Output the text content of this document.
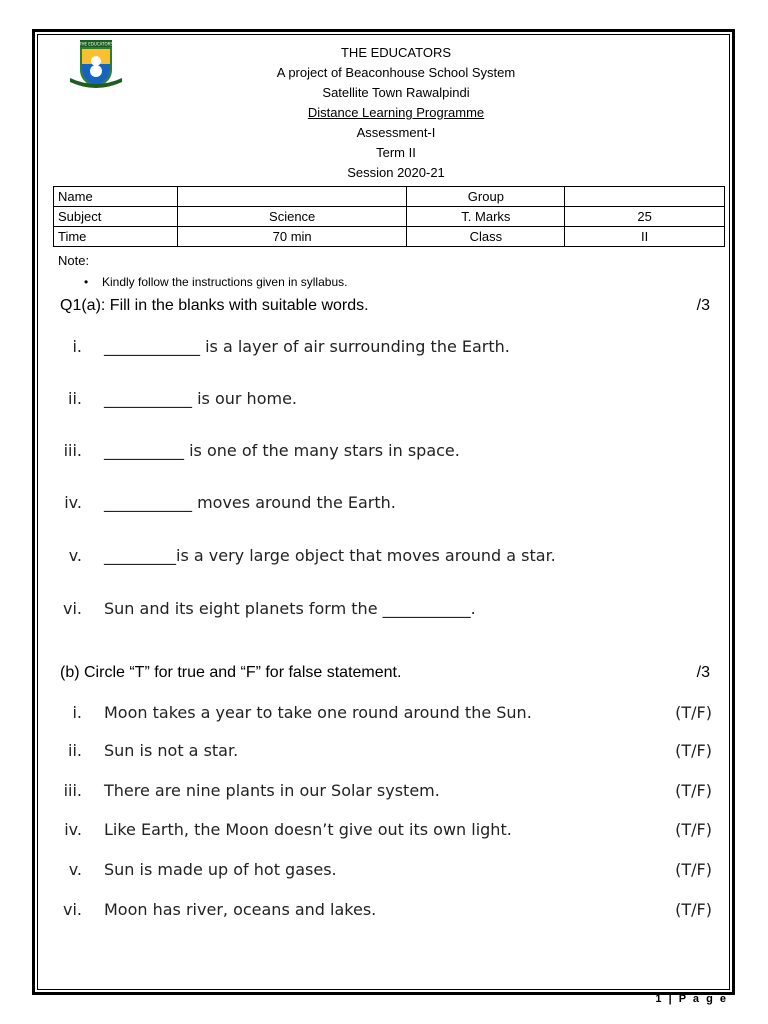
THE EDUCATORS
THE EDUCATORS
A project of Beaconhouse School System
Satellite Town Rawalpindi
Distance Learning Programme
Assessment-I
Term II
Session 2020-21
Name		Group	
Subject	Science	T. Marks	25
Time	70 min	Class	II
Note:
• Kindly follow the instructions given in syllabus.
Q1(a): Fill in the blanks with suitable words.	/3
i. ____________ is a layer of air surrounding the Earth.
ii. ___________ is our home.
iii. __________ is one of the many stars in space.
iv. ___________ moves around the Earth.
v. _________is a very large object that moves around a star.
vi. Sun and its eight planets form the ___________.
(b) Circle “T” for true and “F” for false statement.	/3
i. Moon takes a year to take one round around the Sun.	(T/F)
ii. Sun is not a star.	(T/F)
iii. There are nine plants in our Solar system.	(T/F)
iv. Like Earth, the Moon doesn’t give out its own light.	(T/F)
v. Sun is made up of hot gases.	(T/F)
vi. Moon has river, oceans and lakes.	(T/F)
1 | P a g e
